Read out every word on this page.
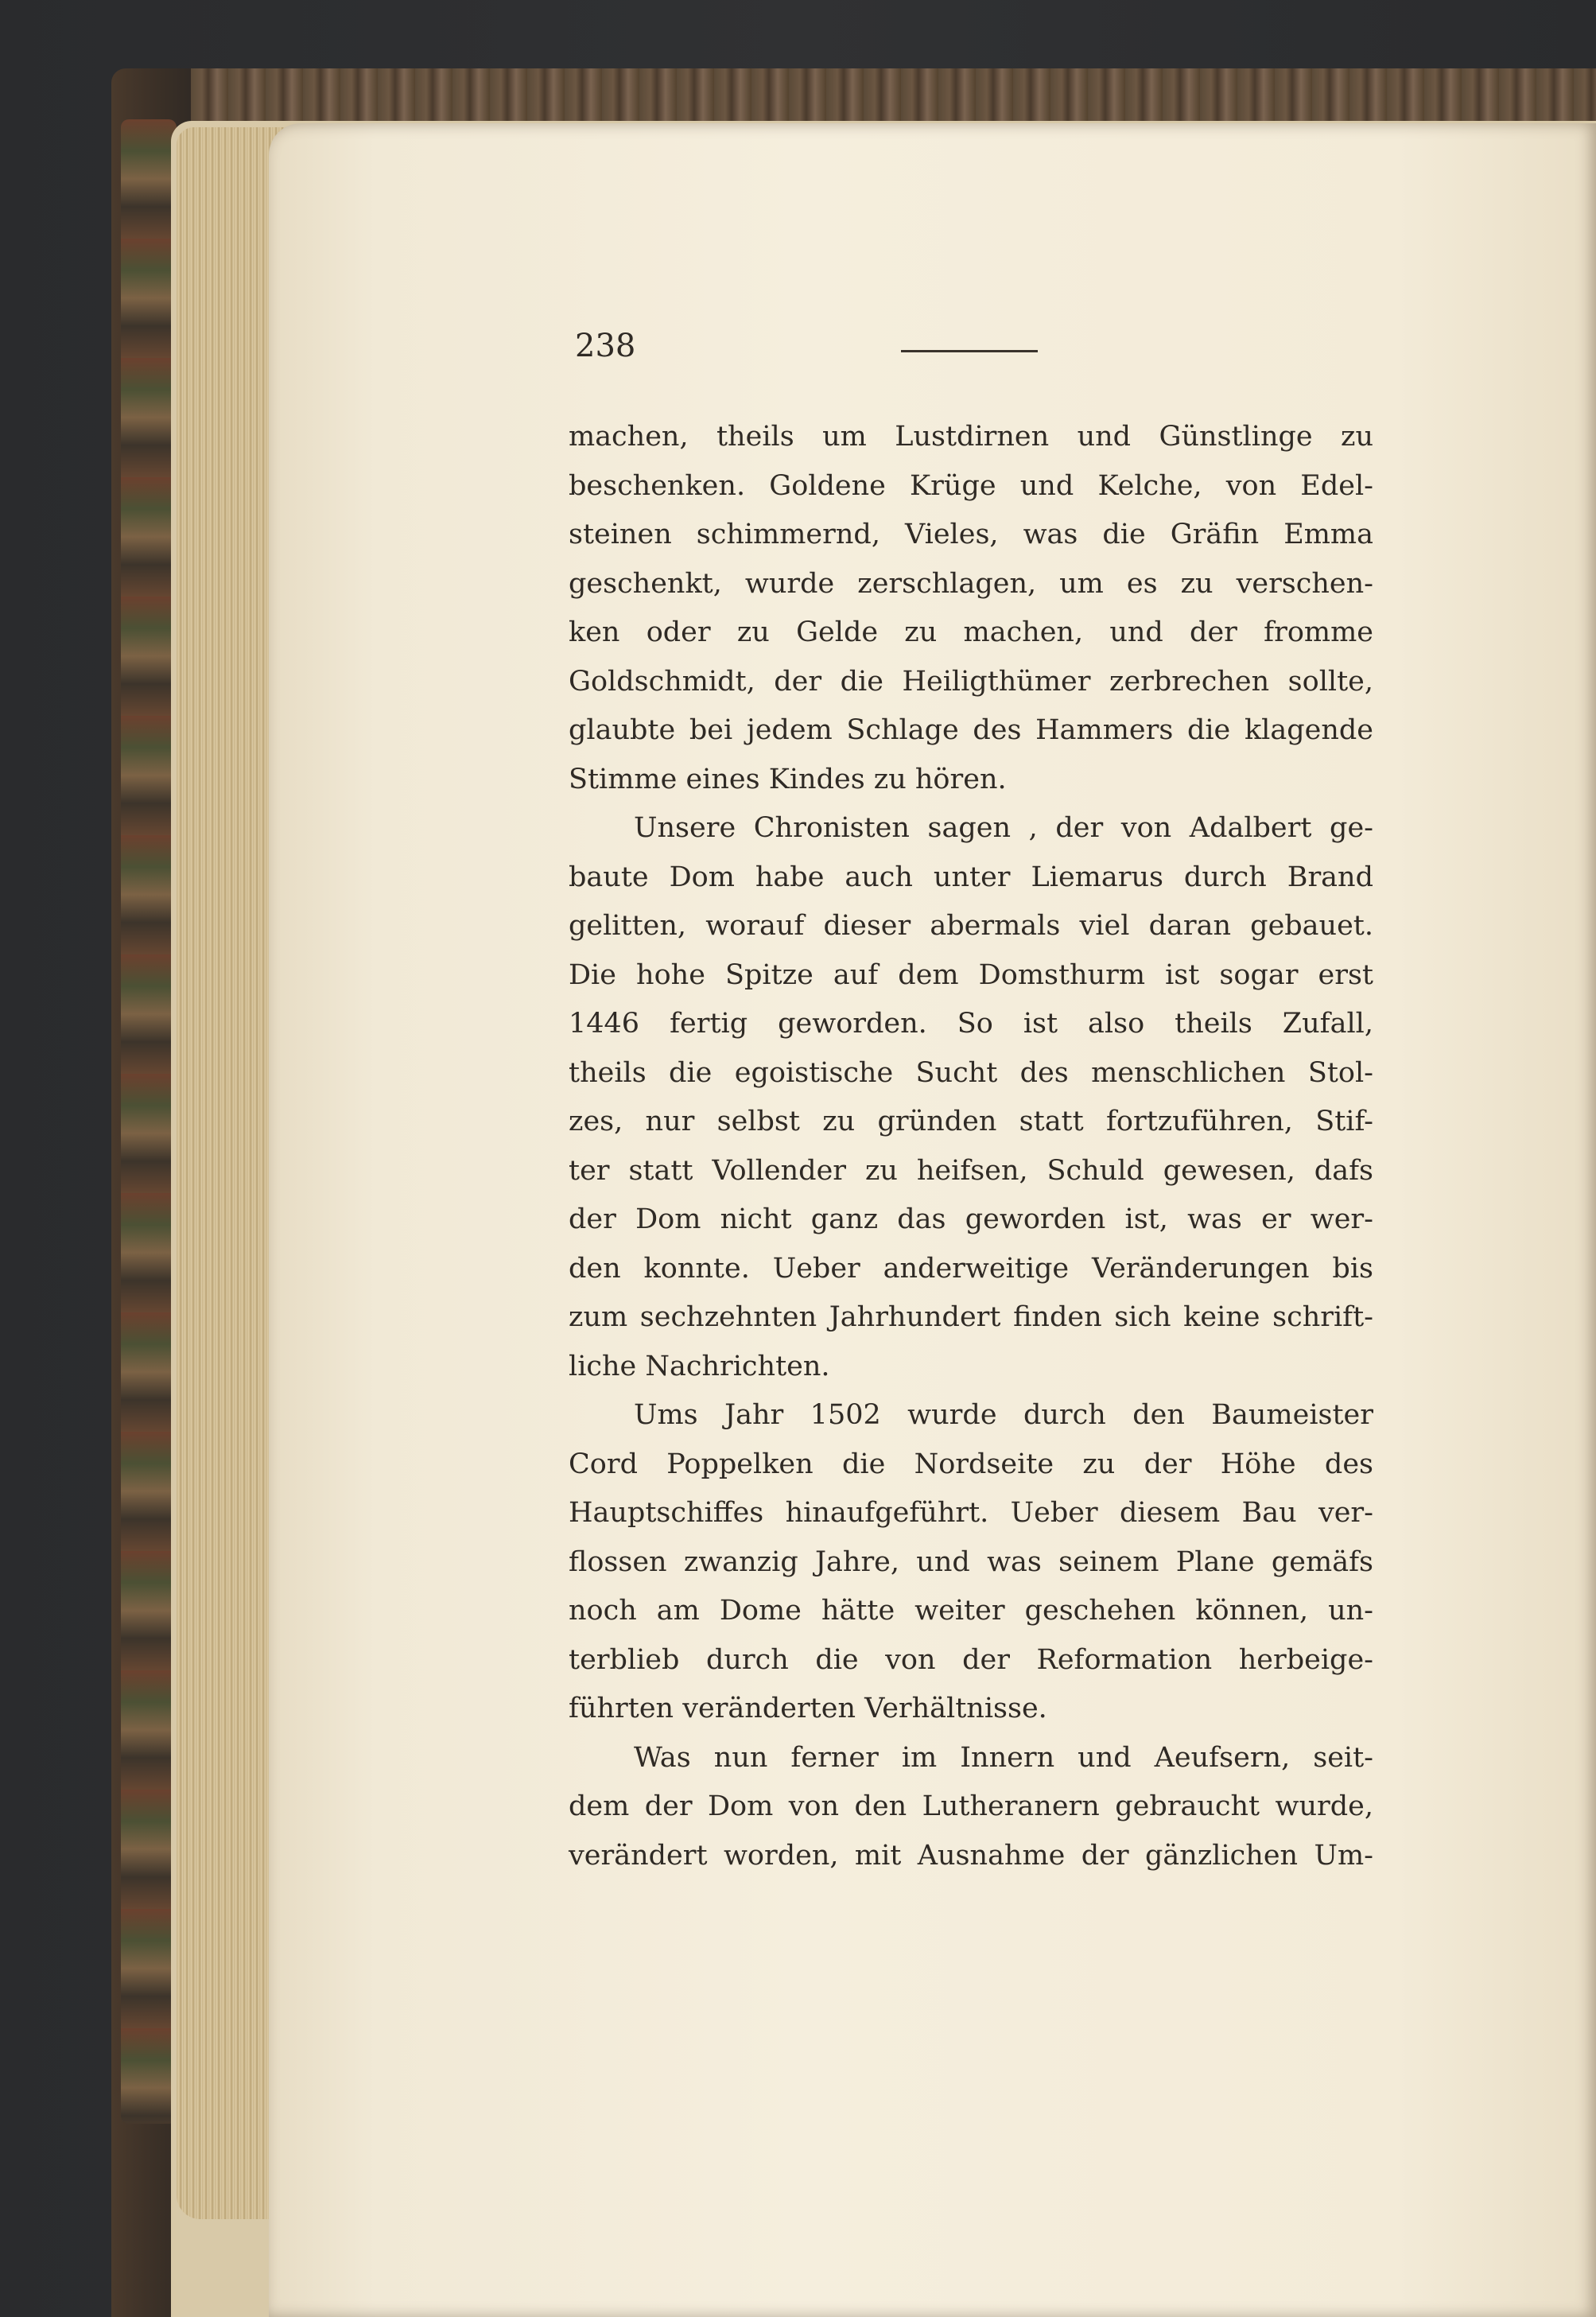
238
machen, theils um Lustdirnen und Günstlinge zu
beschenken. Goldene Krüge und Kelche, von Edel-
steinen schimmernd, Vieles, was die Gräfin Emma
geschenkt, wurde zerschlagen, um es zu verschen-
ken oder zu Gelde zu machen, und der fromme
Goldschmidt, der die Heiligthümer zerbrechen sollte,
glaubte bei jedem Schlage des Hammers die klagende
Stimme eines Kindes zu hören.
Unsere Chronisten sagen , der von Adalbert ge-
baute Dom habe auch unter Liemarus durch Brand
gelitten, worauf dieser abermals viel daran gebauet.
Die hohe Spitze auf dem Domsthurm ist sogar erst
1446 fertig geworden. So ist also theils Zufall,
theils die egoistische Sucht des menschlichen Stol-
zes, nur selbst zu gründen statt fortzuführen, Stif-
ter statt Vollender zu heifsen, Schuld gewesen, dafs
der Dom nicht ganz das geworden ist, was er wer-
den konnte. Ueber anderweitige Veränderungen bis
zum sechzehnten Jahrhundert finden sich keine schrift-
liche Nachrichten.
Ums Jahr 1502 wurde durch den Baumeister
Cord Poppelken die Nordseite zu der Höhe des
Hauptschiffes hinaufgeführt. Ueber diesem Bau ver-
flossen zwanzig Jahre, und was seinem Plane gemäfs
noch am Dome hätte weiter geschehen können, un-
terblieb durch die von der Reformation herbeige-
führten veränderten Verhältnisse.
Was nun ferner im Innern und Aeufsern, seit-
dem der Dom von den Lutheranern gebraucht wurde,
verändert worden, mit Ausnahme der gänzlichen Um-
